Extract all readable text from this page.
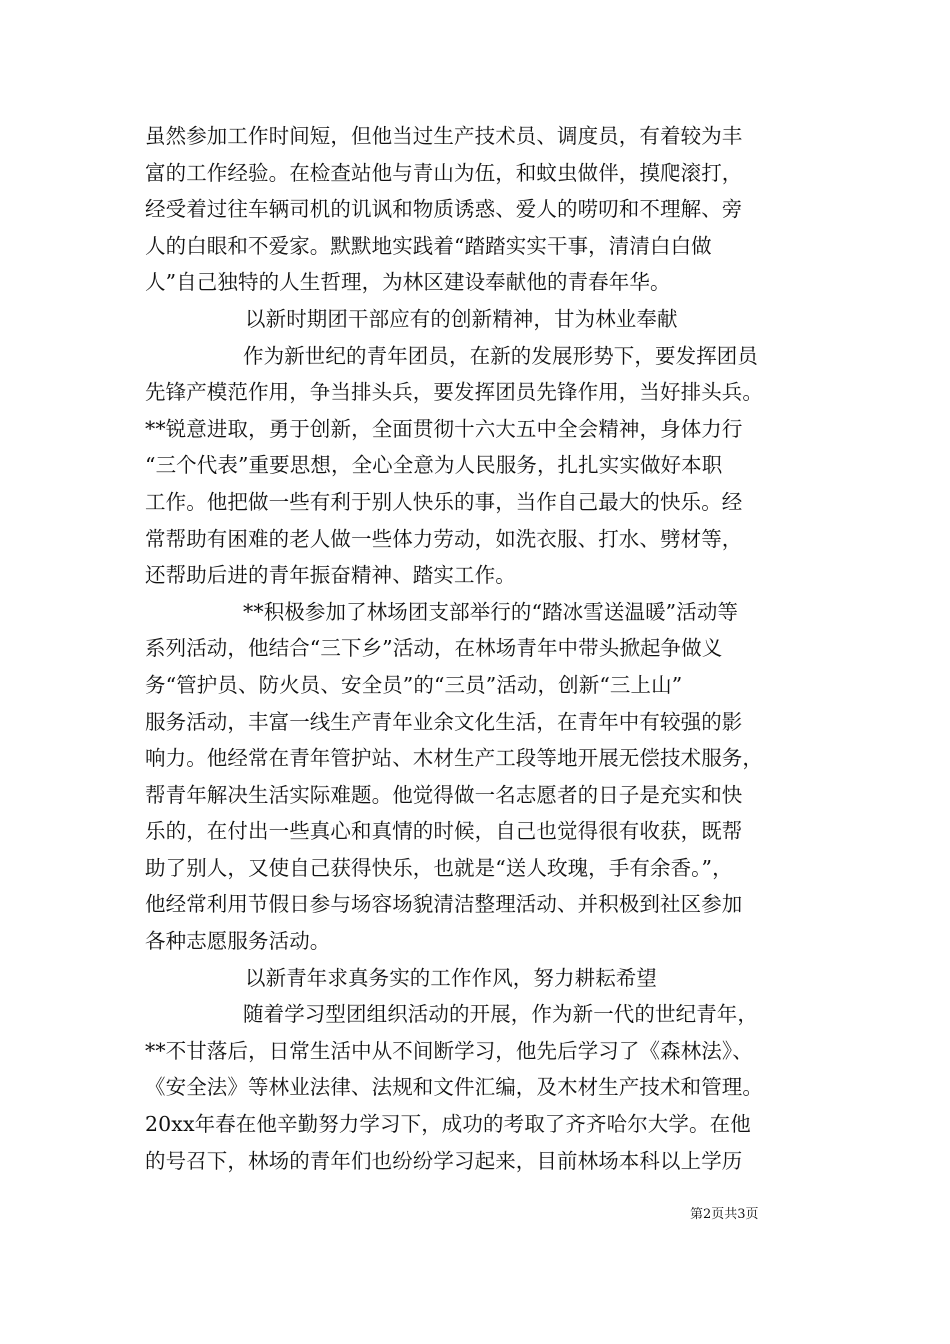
虽然参加工作时间短，但他当过生产技术员、调度员，有着较为丰
富的工作经验。在检查站他与青山为伍，和蚊虫做伴，摸爬滚打，
经受着过往车辆司机的讥讽和物质诱惑、爱人的唠叨和不理解、旁
人的白眼和不爱家。默默地实践着“踏踏实实干事，清清白白做
人”自己独特的人生哲理，为林区建设奉献他的青春年华。
以新时期团干部应有的创新精神，甘为林业奉献
作为新世纪的青年团员，在新的发展形势下，要发挥团员
先锋产模范作用，争当排头兵，要发挥团员先锋作用，当好排头兵。
**锐意进取，勇于创新，全面贯彻十六大五中全会精神，身体力行
“三个代表”重要思想，全心全意为人民服务，扎扎实实做好本职
工作。他把做一些有利于别人快乐的事，当作自己最大的快乐。经
常帮助有困难的老人做一些体力劳动，如洗衣服、打水、劈材等，
还帮助后进的青年振奋精神、踏实工作。
**积极参加了林场团支部举行的“踏冰雪送温暖”活动等
系列活动，他结合“三下乡”活动，在林场青年中带头掀起争做义
务“管护员、防火员、安全员”的“三员”活动，创新“三上山”
服务活动，丰富一线生产青年业余文化生活，在青年中有较强的影
响力。他经常在青年管护站、木材生产工段等地开展无偿技术服务，
帮青年解决生活实际难题。他觉得做一名志愿者的日子是充实和快
乐的，在付出一些真心和真情的时候，自己也觉得很有收获，既帮
助了别人，又使自己获得快乐，也就是“送人玫瑰，手有余香。”，
他经常利用节假日参与场容场貌清洁整理活动、并积极到社区参加
各种志愿服务活动。
以新青年求真务实的工作作风，努力耕耘希望
随着学习型团组织活动的开展，作为新一代的世纪青年，
**不甘落后，日常生活中从不间断学习，他先后学习了《森林法》、
《安全法》等林业法律、法规和文件汇编，及木材生产技术和管理。
20xx年春在他辛勤努力学习下，成功的考取了齐齐哈尔大学。在他
的号召下，林场的青年们也纷纷学习起来，目前林场本科以上学历
第2页共3页
